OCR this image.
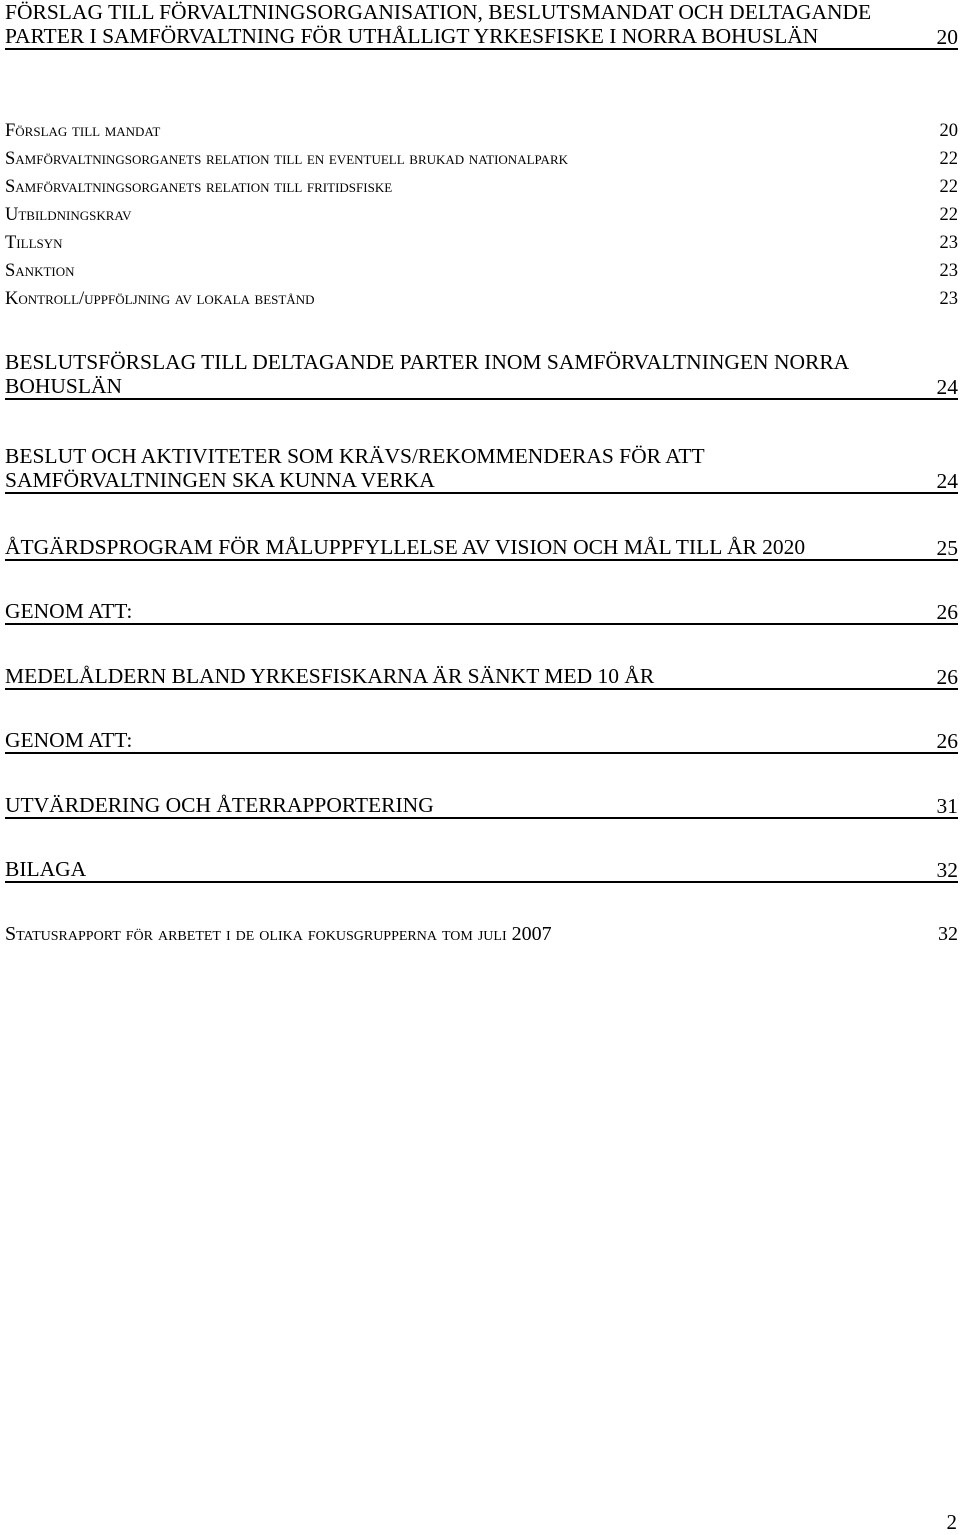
FÖRSLAG TILL FÖRVALTNINGSORGANISATION, BESLUTSMANDAT OCH DELTAGANDE PARTER I SAMFÖRVALTNING FÖR UTHÅLLIGT YRKESFISKE I NORRA BOHUSLÄN	20
Förslag till mandat	20
Samförvaltningsorganets relation till en eventuell brukad nationalpark	22
Samförvaltningsorganets relation till fritidsfiske	22
Utbildningskrav	22
Tillsyn	23
Sanktion	23
Kontroll/uppföljning av lokala bestånd	23
BESLUTSFÖRSLAG TILL DELTAGANDE PARTER INOM SAMFÖRVALTNINGEN NORRA BOHUSLÄN	24
BESLUT OCH AKTIVITETER SOM KRÄVS/REKOMMENDERAS FÖR ATT SAMFÖRVALTNINGEN SKA KUNNA VERKA	24
ÅTGÄRDSPROGRAM FÖR MÅLUPPFYLLELSE AV VISION OCH MÅL TILL ÅR 2020	25
GENOM ATT:	26
MEDELÅLDERN BLAND YRKESFISKARNA ÄR SÄNKT MED 10 ÅR	26
GENOM ATT:	26
UTVÄRDERING OCH ÅTERRAPPORTERING	31
BILAGA	32
Statusrapport för arbetet i de olika fokusgrupperna tom juli 2007	32
2
